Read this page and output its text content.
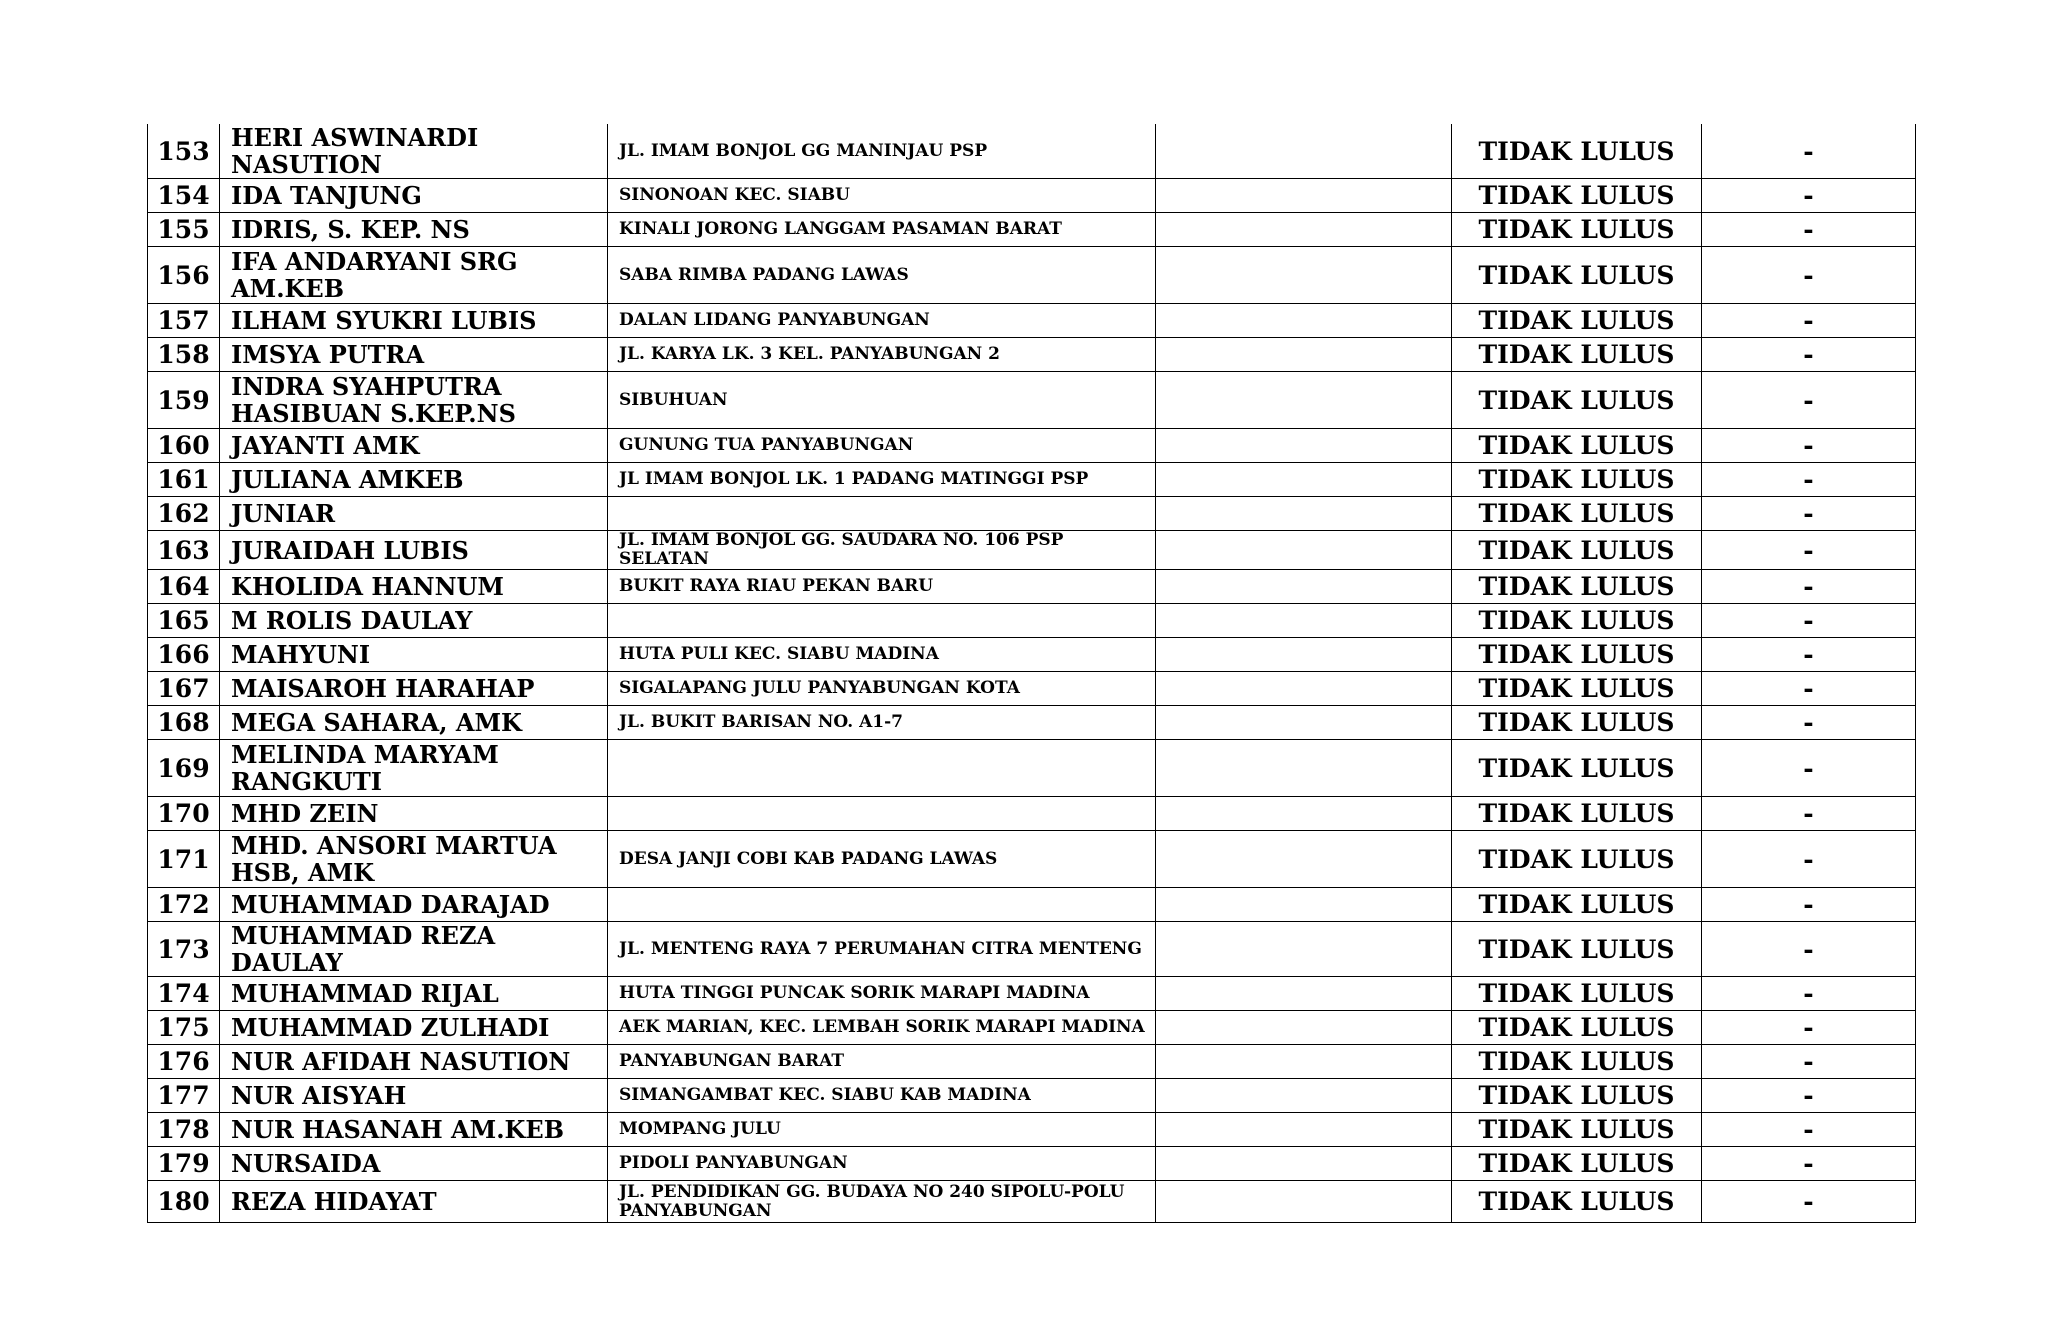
153	HERI ASWINARDI NASUTION	JL. IMAM BONJOL GG MANINJAU PSP		TIDAK LULUS	-
154	IDA TANJUNG	SINONOAN KEC. SIABU		TIDAK LULUS	-
155	IDRIS, S. KEP. NS	KINALI JORONG LANGGAM PASAMAN BARAT		TIDAK LULUS	-
156	IFA ANDARYANI SRG AM.KEB	SABA RIMBA PADANG LAWAS		TIDAK LULUS	-
157	ILHAM SYUKRI LUBIS	DALAN LIDANG PANYABUNGAN		TIDAK LULUS	-
158	IMSYA PUTRA	JL. KARYA LK. 3 KEL. PANYABUNGAN 2		TIDAK LULUS	-
159	INDRA SYAHPUTRA HASIBUAN S.KEP.NS	SIBUHUAN		TIDAK LULUS	-
160	JAYANTI AMK	GUNUNG TUA PANYABUNGAN		TIDAK LULUS	-
161	JULIANA AMKEB	JL IMAM BONJOL LK. 1 PADANG MATINGGI PSP		TIDAK LULUS	-
162	JUNIAR			TIDAK LULUS	-
163	JURAIDAH LUBIS	JL. IMAM BONJOL GG. SAUDARA NO. 106 PSP SELATAN		TIDAK LULUS	-
164	KHOLIDA HANNUM	BUKIT RAYA RIAU PEKAN BARU		TIDAK LULUS	-
165	M ROLIS DAULAY			TIDAK LULUS	-
166	MAHYUNI	HUTA PULI KEC. SIABU MADINA		TIDAK LULUS	-
167	MAISAROH HARAHAP	SIGALAPANG JULU PANYABUNGAN KOTA		TIDAK LULUS	-
168	MEGA SAHARA, AMK	JL. BUKIT BARISAN NO. A1-7		TIDAK LULUS	-
169	MELINDA MARYAM RANGKUTI			TIDAK LULUS	-
170	MHD ZEIN			TIDAK LULUS	-
171	MHD. ANSORI MARTUA HSB, AMK	DESA JANJI COBI KAB PADANG LAWAS		TIDAK LULUS	-
172	MUHAMMAD DARAJAD			TIDAK LULUS	-
173	MUHAMMAD REZA DAULAY	JL. MENTENG RAYA 7 PERUMAHAN CITRA MENTENG		TIDAK LULUS	-
174	MUHAMMAD RIJAL	HUTA TINGGI PUNCAK SORIK MARAPI MADINA		TIDAK LULUS	-
175	MUHAMMAD ZULHADI	AEK MARIAN, KEC. LEMBAH SORIK MARAPI MADINA		TIDAK LULUS	-
176	NUR AFIDAH NASUTION	PANYABUNGAN BARAT		TIDAK LULUS	-
177	NUR AISYAH	SIMANGAMBAT KEC. SIABU KAB MADINA		TIDAK LULUS	-
178	NUR HASANAH AM.KEB	MOMPANG JULU		TIDAK LULUS	-
179	NURSAIDA	PIDOLI PANYABUNGAN		TIDAK LULUS	-
180	REZA HIDAYAT	JL. PENDIDIKAN GG. BUDAYA NO 240 SIPOLU-POLU PANYABUNGAN		TIDAK LULUS	-
